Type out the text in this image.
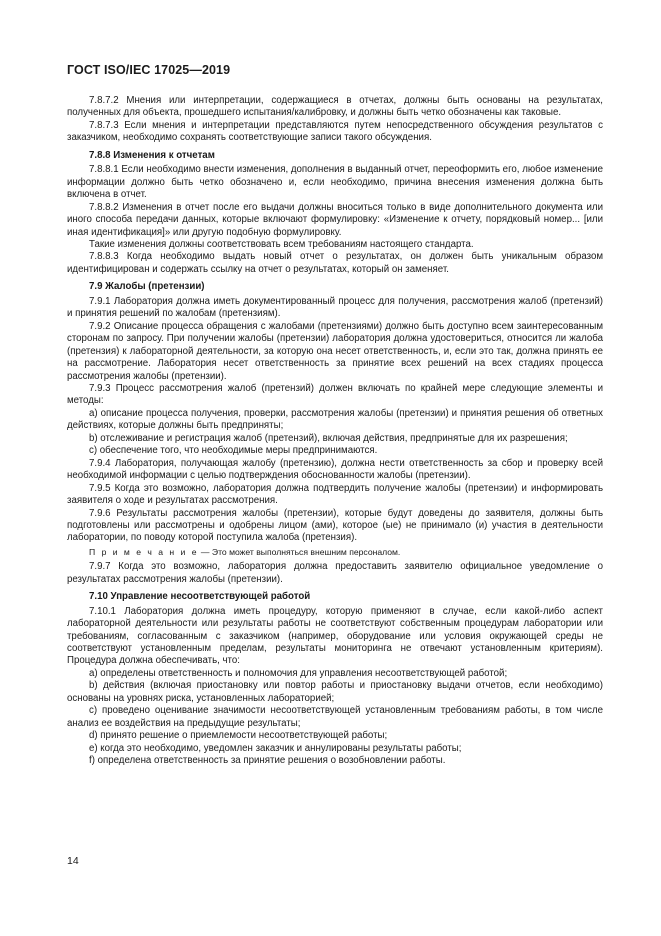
ГОСТ ISO/IEC 17025—2019

7.8.7.2 Мнения или интерпретации, содержащиеся в отчетах, должны быть основаны на результатах, полученных для объекта, прошедшего испытания/калибровку, и должны быть четко обозначены как таковые.

7.8.7.3 Если мнения и интерпретации представляются путем непосредственного обсуждения результатов с заказчиком, необходимо сохранять соответствующие записи такого обсуждения.

7.8.8 Изменения к отчетам

7.8.8.1 Если необходимо внести изменения, дополнения в выданный отчет, переоформить его, любое изменение информации должно быть четко обозначено и, если необходимо, причина внесения изменения должна быть включена в отчет.

7.8.8.2 Изменения в отчет после его выдачи должны вноситься только в виде дополнительного документа или иного способа передачи данных, которые включают формулировку: «Изменение к отчету, порядковый номер... [или иная идентификация]» или другую подобную формулировку.

Такие изменения должны соответствовать всем требованиям настоящего стандарта.

7.8.8.3 Когда необходимо выдать новый отчет о результатах, он должен быть уникальным образом идентифицирован и содержать ссылку на отчет о результатах, который он заменяет.

7.9 Жалобы (претензии)

7.9.1 Лаборатория должна иметь документированный процесс для получения, рассмотрения жалоб (претензий) и принятия решений по жалобам (претензиям).

7.9.2 Описание процесса обращения с жалобами (претензиями) должно быть доступно всем заинтересованным сторонам по запросу. При получении жалобы (претензии) лаборатория должна удостовериться, относится ли жалоба (претензия) к лабораторной деятельности, за которую она несет ответственность, и, если это так, должна принять ее на рассмотрение. Лаборатория несет ответственность за принятие всех решений на всех стадиях процесса рассмотрения жалобы (претензии).

7.9.3 Процесс рассмотрения жалоб (претензий) должен включать по крайней мере следующие элементы и методы:

a) описание процесса получения, проверки, рассмотрения жалобы (претензии) и принятия решения об ответных действиях, которые должны быть предприняты;

b) отслеживание и регистрация жалоб (претензий), включая действия, предпринятые для их разрешения;

c) обеспечение того, что необходимые меры предпринимаются.

7.9.4 Лаборатория, получающая жалобу (претензию), должна нести ответственность за сбор и проверку всей необходимой информации с целью подтверждения обоснованности жалобы (претензии).

7.9.5 Когда это возможно, лаборатория должна подтвердить получение жалобы (претензии) и информировать заявителя о ходе и результатах рассмотрения.

7.9.6 Результаты рассмотрения жалобы (претензии), которые будут доведены до заявителя, должны быть подготовлены или рассмотрены и одобрены лицом (ами), которое (ые) не принимало (и) участия в деятельности лаборатории, по поводу которой поступила жалоба (претензия).

П р и м е ч а н и е — Это может выполняться внешним персоналом.

7.9.7 Когда это возможно, лаборатория должна предоставить заявителю официальное уведомление о результатах рассмотрения жалобы (претензии).

7.10 Управление несоответствующей работой

7.10.1 Лаборатория должна иметь процедуру, которую применяют в случае, если какой-либо аспект лабораторной деятельности или результаты работы не соответствуют собственным процедурам лаборатории или требованиям, согласованным с заказчиком (например, оборудование или условия окружающей среды не соответствуют установленным пределам, результаты мониторинга не отвечают установленным критериям). Процедура должна обеспечивать, что:

a) определены ответственность и полномочия для управления несоответствующей работой;

b) действия (включая приостановку или повтор работы и приостановку выдачи отчетов, если необходимо) основаны на уровнях риска, установленных лабораторией;

c) проведено оценивание значимости несоответствующей установленным требованиям работы, в том числе анализ ее воздействия на предыдущие результаты;

d) принято решение о приемлемости несоответствующей работы;

e) когда это необходимо, уведомлен заказчик и аннулированы результаты работы;

f) определена ответственность за принятие решения о возобновлении работы.

14
